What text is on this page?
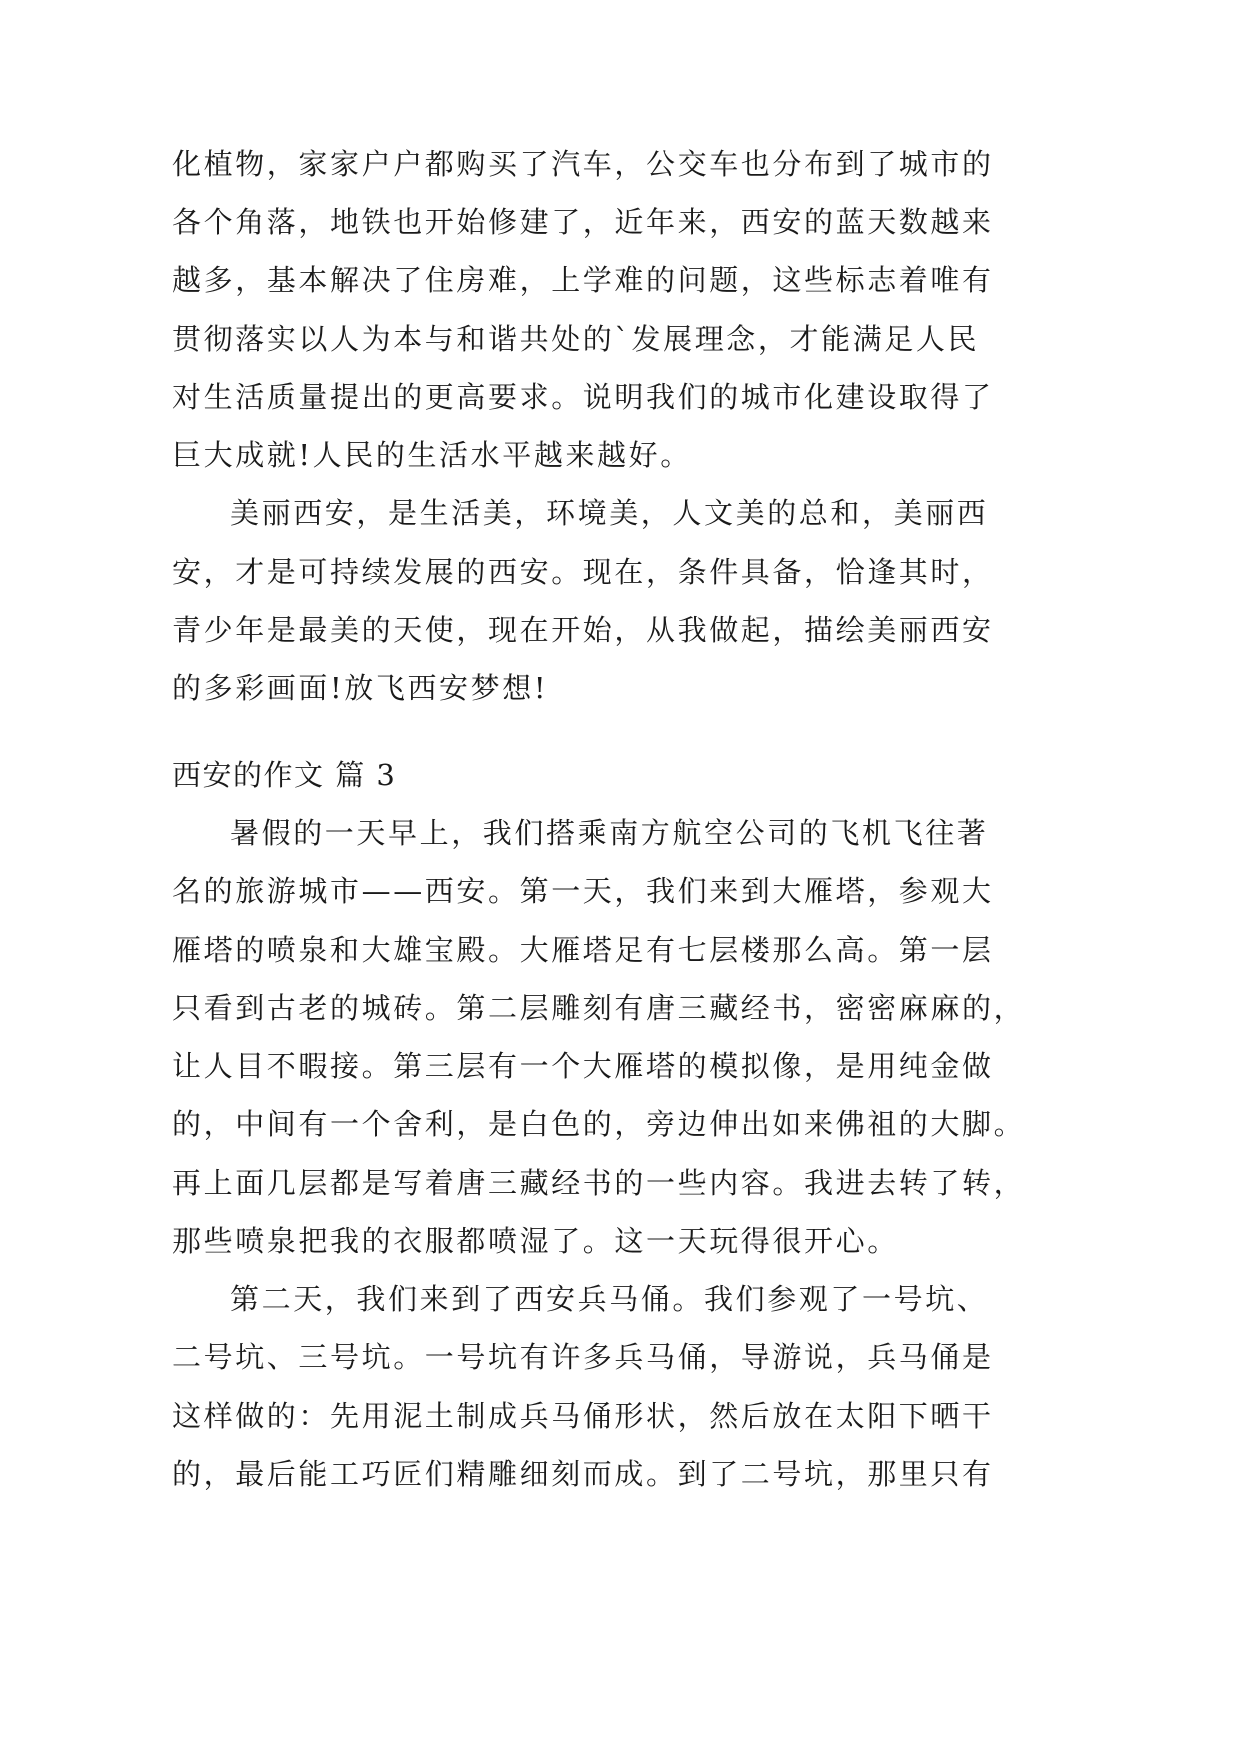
化植物，家家户户都购买了汽车，公交车也分布到了城市的
各个角落，地铁也开始修建了，近年来，西安的蓝天数越来
越多，基本解决了住房难，上学难的问题，这些标志着唯有
贯彻落实以人为本与和谐共处的`发展理念，才能满足人民
对生活质量提出的更高要求。说明我们的城市化建设取得了
巨大成就!人民的生活水平越来越好。
美丽西安，是生活美，环境美，人文美的总和，美丽西
安，才是可持续发展的西安。现在，条件具备，恰逢其时，
青少年是最美的天使，现在开始，从我做起，描绘美丽西安
的多彩画面!放飞西安梦想!
西安的作文 篇 3
暑假的一天早上，我们搭乘南方航空公司的飞机飞往著
名的旅游城市——西安。第一天，我们来到大雁塔，参观大
雁塔的喷泉和大雄宝殿。大雁塔足有七层楼那么高。第一层
只看到古老的城砖。第二层雕刻有唐三藏经书，密密麻麻的，
让人目不暇接。第三层有一个大雁塔的模拟像，是用纯金做
的，中间有一个舍利，是白色的，旁边伸出如来佛祖的大脚。
再上面几层都是写着唐三藏经书的一些内容。我进去转了转，
那些喷泉把我的衣服都喷湿了。这一天玩得很开心。
第二天，我们来到了西安兵马俑。我们参观了一号坑、
二号坑、三号坑。一号坑有许多兵马俑，导游说，兵马俑是
这样做的：先用泥土制成兵马俑形状，然后放在太阳下晒干
的，最后能工巧匠们精雕细刻而成。到了二号坑，那里只有
